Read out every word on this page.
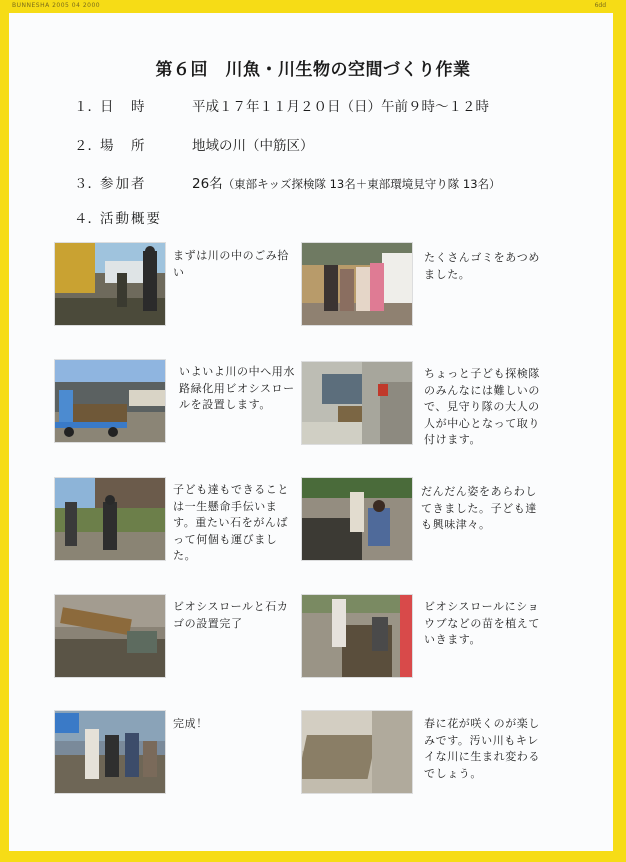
BUNNESHA 2005 04 2000	6dd
第６回　川魚・川生物の空間づくり作業
１． 日　時	平成１７年１１月２０日（日）午前９時～１２時
２． 場　所	地域の川（中筋区）
３． 参加者	26名 （東部キッズ探検隊 13名＋東部環境見守り隊 13名）
４． 活動概要
まずは川の中のごみ拾い
たくさんゴミをあつめました。
いよいよ川の中へ用水路緑化用ビオシスロールを設置します。
ちょっと子ども探検隊のみんなには難しいので、見守り隊の大人の人が中心となって取り付けます。
子ども達もできることは一生懸命手伝います。重たい石をがんばって何個も運びました。
だんだん姿をあらわしてきました。子ども達も興味津々。
ビオシスロールと石カゴの設置完了
ビオシスロールにショウブなどの苗を植えていきます。
完成！	春に花が咲くのが楽しみです。汚い川もキレイな川に生まれ変わるでしょう。
